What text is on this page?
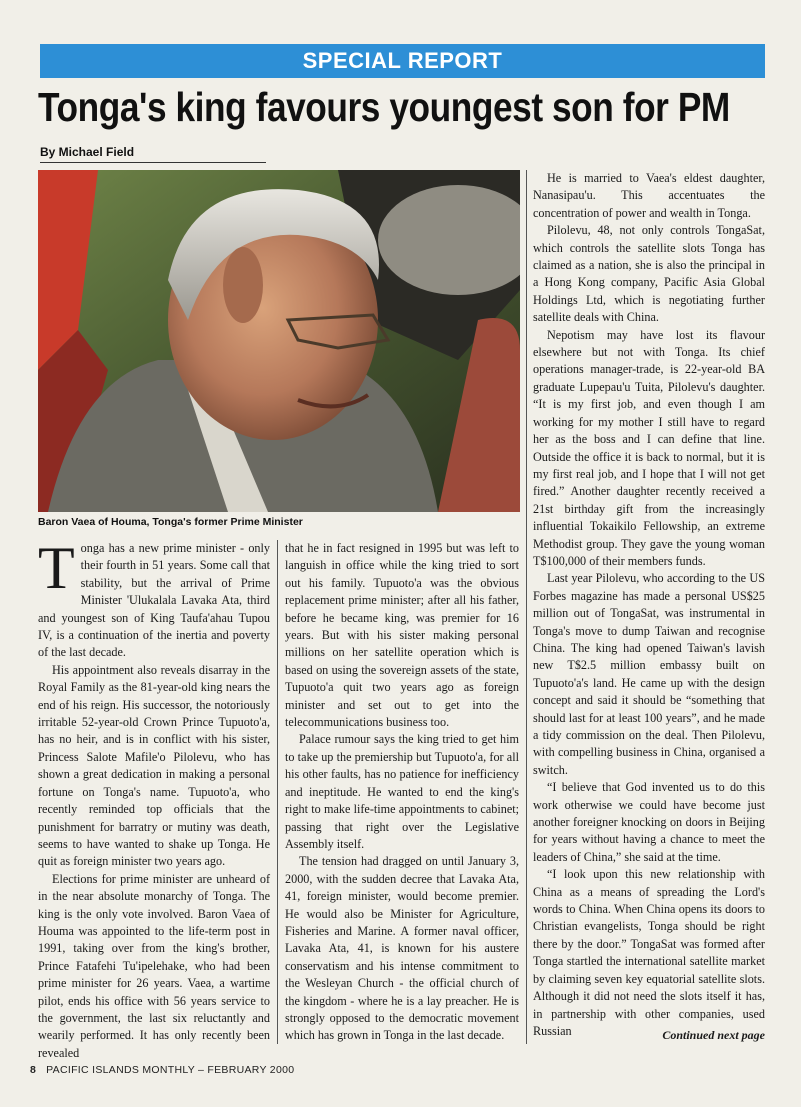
SPECIAL REPORT
Tonga's king favours youngest son for PM
By Michael Field
Baron Vaea of Houma, Tonga's former Prime Minister

Tonga has a new prime minister - only their fourth in 51 years. Some call that stability, but the arrival of Prime Minister 'Ulukalala Lavaka Ata, third and youngest son of King Taufa'ahau Tupou IV, is a continuation of the inertia and poverty of the last decade.

His appointment also reveals disarray in the Royal Family as the 81-year-old king nears the end of his reign. His successor, the notoriously irritable 52-year-old Crown Prince Tupuoto'a, has no heir, and is in conflict with his sister, Princess Salote Mafile'o Pilolevu, who has shown a great dedication in making a personal fortune on Tonga's name. Tupuoto'a, who recently reminded top officials that the punishment for barratry or mutiny was death, seems to have wanted to shake up Tonga. He quit as foreign minister two years ago.

Elections for prime minister are unheard of in the near absolute monarchy of Tonga. The king is the only vote involved. Baron Vaea of Houma was appointed to the life-term post in 1991, taking over from the king's brother, Prince Fatafehi Tu'ipelehake, who had been prime minister for 26 years. Vaea, a wartime pilot, ends his office with 56 years service to the government, the last six reluctantly and wearily performed. It has only recently been revealed

that he in fact resigned in 1995 but was left to languish in office while the king tried to sort out his family. Tupuoto'a was the obvious replacement prime minister; after all his father, before he became king, was premier for 16 years. But with his sister making personal millions on her satellite operation which is based on using the sovereign assets of the state, Tupuoto'a quit two years ago as foreign minister and set out to get into the telecommunications business too.

Palace rumour says the king tried to get him to take up the premiership but Tupuoto'a, for all his other faults, has no patience for inefficiency and ineptitude. He wanted to end the king's right to make life-time appointments to cabinet; passing that right over the Legislative Assembly itself.

The tension had dragged on until January 3, 2000, with the sudden decree that Lavaka Ata, 41, foreign minister, would become premier. He would also be Minister for Agriculture, Fisheries and Marine. A former naval officer, Lavaka Ata, 41, is known for his austere conservatism and his intense commitment to the Wesleyan Church - the official church of the kingdom - where he is a lay preacher. He is strongly opposed to the democratic movement which has grown in Tonga in the last decade.

He is married to Vaea's eldest daughter, Nanasipau'u. This accentuates the concentration of power and wealth in Tonga.

Pilolevu, 48, not only controls TongaSat, which controls the satellite slots Tonga has claimed as a nation, she is also the principal in a Hong Kong company, Pacific Asia Global Holdings Ltd, which is negotiating further satellite deals with China.

Nepotism may have lost its flavour elsewhere but not with Tonga. Its chief operations manager-trade, is 22-year-old BA graduate Lupepau'u Tuita, Pilolevu's daughter. “It is my first job, and even though I am working for my mother I still have to regard her as the boss and I can define that line. Outside the office it is back to normal, but it is my first real job, and I hope that I will not get fired.” Another daughter recently received a 21st birthday gift from the increasingly influential Tokaikilo Fellowship, an extreme Methodist group. They gave the young woman T$100,000 of their members funds.

Last year Pilolevu, who according to the US Forbes magazine has made a personal US$25 million out of TongaSat, was instrumental in Tonga's move to dump Taiwan and recognise China. The king had opened Taiwan's lavish new T$2.5 million embassy built on Tupuoto'a's land. He came up with the design concept and said it should be “something that should last for at least 100 years”, and he made a tidy commission on the deal. Then Pilolevu, with compelling business in China, organised a switch.

“I believe that God invented us to do this work otherwise we could have become just another foreigner knocking on doors in Beijing for years without having a chance to meet the leaders of China,” she said at the time.

“I look upon this new relationship with China as a means of spreading the Lord's words to China. When China opens its doors to Christian evangelists, Tonga should be right there by the door.” TongaSat was formed after Tonga startled the international satellite market by claiming seven key equatorial satellite slots. Although it did not need the slots itself it has, in partnership with other companies, used Russian	Continued next page
8 PACIFIC ISLANDS MONTHLY – FEBRUARY 2000
